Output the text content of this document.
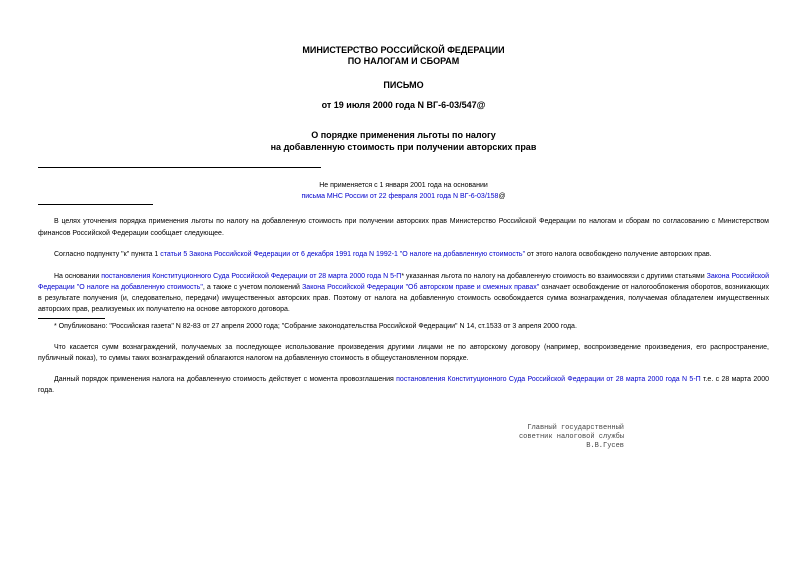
МИНИСТЕРСТВО РОССИЙСКОЙ ФЕДЕРАЦИИ
ПО НАЛОГАМ И СБОРАМ
ПИСЬМО
от 19 июля 2000 года N ВГ-6-03/547@
О порядке применения льготы по налогу
на добавленную стоимость при получении авторских прав
Не применяется с 1 января 2001 года на основании
письма МНС России от 22 февраля 2001 года N ВГ-6-03/158@

В целях уточнения порядка применения льготы по налогу на добавленную стоимость при получении авторских прав Министерство Российской Федерации по налогам и сборам по согласованию с Министерством финансов Российской Федерации сообщает следующее.

Согласно подпункту "к" пункта 1 статьи 5 Закона Российской Федерации от 6 декабря 1991 года N 1992-1 "О налоге на добавленную стоимость" от этого налога освобождено получение авторских прав.

На основании постановления Конституционного Суда Российской Федерации от 28 марта 2000 года N 5-П* указанная льгота по налогу на добавленную стоимость во взаимосвязи с другими статьями Закона Российской Федерации "О налоге на добавленную стоимость", а также с учетом положений Закона Российской Федерации "Об авторском праве и смежных правах" означает освобождение от налогообложения оборотов, возникающих в результате получения (и, следовательно, передачи) имущественных авторских прав. Поэтому от налога на добавленную стоимость освобождается сумма вознаграждения, получаемая обладателем имущественных авторских прав, реализуемых их получателю на основе авторского договора.

* Опубликовано: "Российская газета" N 82-83 от 27 апреля 2000 года; "Собрание законодательства Российской Федерации" N 14, ст.1533 от 3 апреля 2000 года.

Что касается сумм вознаграждений, получаемых за последующее использование произведения другими лицами не по авторскому договору (например, воспроизведение произведения, его распространение, публичный показ), то суммы таких вознаграждений облагаются налогом на добавленную стоимость в общеустановленном порядке.

Данный порядок применения налога на добавленную стоимость действует с момента провозглашения постановления Конституционного Суда Российской Федерации от 28 марта 2000 года N 5-П т.е. с 28 марта 2000 года.

Главный государственный
советник налоговой службы
В.В.Гусев
